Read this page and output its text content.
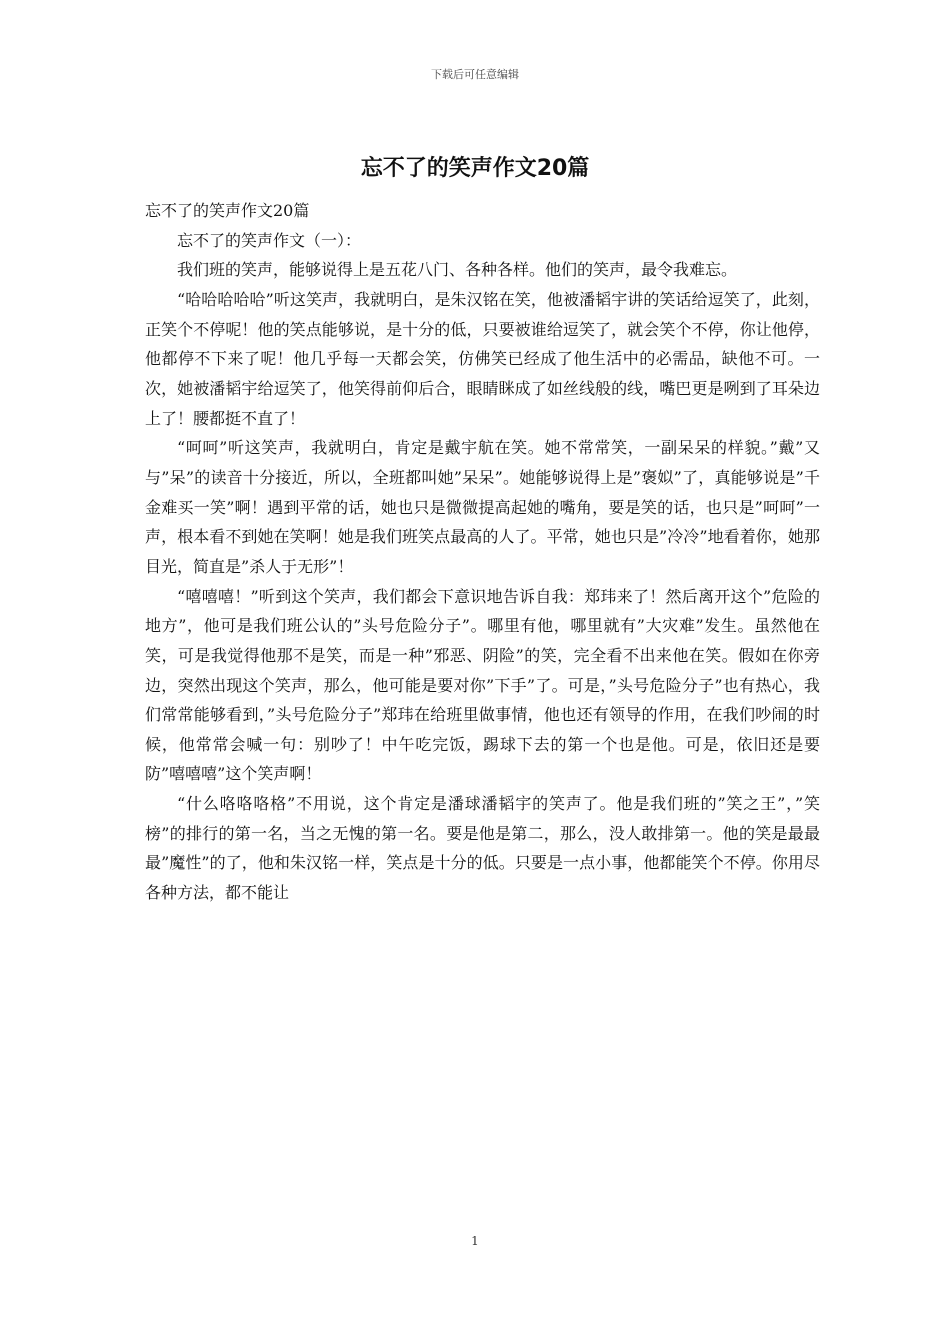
下载后可任意编辑
忘不了的笑声作文20篇

忘不了的笑声作文20篇

忘不了的笑声作文（一）：

我们班的笑声，能够说得上是五花八门、各种各样。他们的笑声，最令我难忘。

“哈哈哈哈哈”听这笑声，我就明白，是朱汉铭在笑，他被潘韬宇讲的笑话给逗笑了，此刻，正笑个不停呢！他的笑点能够说，是十分的低，只要被谁给逗笑了，就会笑个不停，你让他停，他都停不下来了呢！他几乎每一天都会笑，仿佛笑已经成了他生活中的必需品，缺他不可。一次，她被潘韬宇给逗笑了，他笑得前仰后合，眼睛眯成了如丝线般的线，嘴巴更是咧到了耳朵边上了！腰都挺不直了！

“呵呵”听这笑声，我就明白，肯定是戴宇航在笑。她不常常笑，一副呆呆的样貌。”戴”又与”呆”的读音十分接近，所以，全班都叫她”呆呆”。她能够说得上是”褒姒”了，真能够说是”千金难买一笑”啊！遇到平常的话，她也只是微微提高起她的嘴角，要是笑的话，也只是”呵呵”一声，根本看不到她在笑啊！她是我们班笑点最高的人了。平常，她也只是”冷冷”地看着你，她那目光，简直是”杀人于无形”！

“嘻嘻嘻！”听到这个笑声，我们都会下意识地告诉自我：郑玮来了！然后离开这个”危险的地方”，他可是我们班公认的”头号危险分子”。哪里有他，哪里就有”大灾难”发生。虽然他在笑，可是我觉得他那不是笑，而是一种”邪恶、阴险”的笑，完全看不出来他在笑。假如在你旁边，突然出现这个笑声，那么，他可能是要对你”下手”了。可是，”头号危险分子”也有热心，我们常常能够看到，”头号危险分子”郑玮在给班里做事情，他也还有领导的作用，在我们吵闹的时候，他常常会喊一句：别吵了！中午吃完饭，踢球下去的第一个也是他。可是，依旧还是要防”嘻嘻嘻”这个笑声啊！

“什么咯咯咯格”不用说，这个肯定是潘球潘韬宇的笑声了。他是我们班的”笑之王”，”笑榜”的排行的第一名，当之无愧的第一名。要是他是第二，那么，没人敢排第一。他的笑是最最最”魔性”的了，他和朱汉铭一样，笑点是十分的低。只要是一点小事，他都能笑个不停。你用尽各种方法，都不能让

1
